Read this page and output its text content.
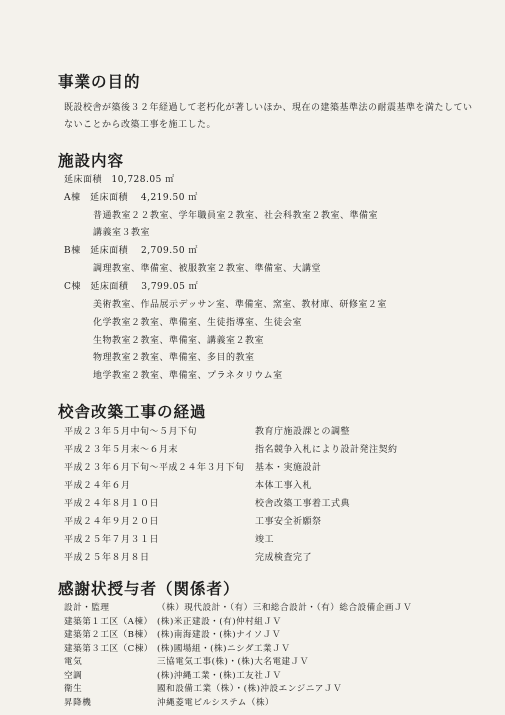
事業の目的
既設校舎が築後３２年経過して老朽化が著しいほか、現在の建築基準法の耐震基準を満たしてい
ないことから改築工事を施工した。
施設内容
延床面積　10,728.05 ㎡
A棟　延床面積　 4,219.50 ㎡
普通教室２２教室、学年職員室２教室、社会科教室２教室、準備室
講義室３教室
B棟　延床面積　 2,709.50 ㎡
調理教室、準備室、被服教室２教室、準備室、大講堂
C棟　延床面積　 3,799.05 ㎡
美術教室、作品展示デッサン室、準備室、窯室、教材庫、研修室２室
化学教室２教室、準備室、生徒指導室、生徒会室
生物教室２教室、準備室、講義室２教室
物理教室２教室、準備室、多目的教室
地学教室２教室、準備室、プラネタリウム室
校舎改築工事の経過
平成２３年５月中旬～５月下旬	教育庁施設課との調整
平成２３年５月末～６月末	指名競争入札により設計発注契約
平成２３年６月下旬～平成２４年３月下旬 基本・実施設計
平成２４年６月	本体工事入札
平成２４年８月１０日	校舎改築工事着工式典
平成２４年９月２０日	工事安全祈願祭
平成２５年７月３１日	竣工
平成２５年８月８日	完成検査完了
感謝状授与者（関係者）
設計・監理	（株）現代設計・（有）三和総合設計・（有）総合設備企画ＪＶ
建築第１工区（A棟） (株)米正建設・(有)仲村組ＪＶ
建築第２工区（B棟） (株)南海建設・(株)ナイソＪＶ
建築第３工区（C棟） (株)國場組・(株)ニシダ工業ＪＶ
電気	三協電気工事(株)・(株)大名電建ＪＶ
空調	(株)沖縄工業・(株)工友社ＪＶ
衛生	國和設備工業（株）・(株)沖設エンジニアＪＶ
昇降機	沖縄菱電ビルシステム（株）
